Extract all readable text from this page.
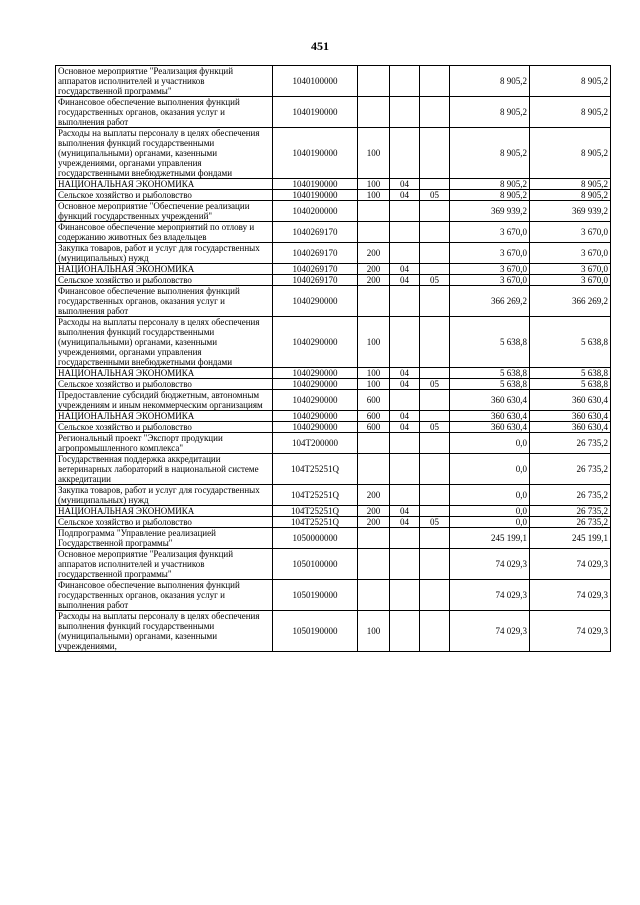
451
Основное мероприятие "Реализация функций аппаратов исполнителей и участников государственной программы"	1040100000				8 905,2	8 905,2
Финансовое обеспечение выполнения функций государственных органов, оказания услуг и выполнения работ	1040190000				8 905,2	8 905,2
Расходы на выплаты персоналу в целях обеспечения выполнения функций государственными (муниципальными) органами, казенными учреждениями, органами управления государственными внебюджетными фондами	1040190000	100			8 905,2	8 905,2
НАЦИОНАЛЬНАЯ ЭКОНОМИКА	1040190000	100	04		8 905,2	8 905,2
Сельское хозяйство и рыболовство	1040190000	100	04	05	8 905,2	8 905,2
Основное мероприятие "Обеспечение реализации функций государственных учреждений"	1040200000				369 939,2	369 939,2
Финансовое обеспечение мероприятий по отлову и содержанию животных без владельцев	1040269170				3 670,0	3 670,0
Закупка товаров, работ и услуг для государственных (муниципальных) нужд	1040269170	200			3 670,0	3 670,0
НАЦИОНАЛЬНАЯ ЭКОНОМИКА	1040269170	200	04		3 670,0	3 670,0
Сельское хозяйство и рыболовство	1040269170	200	04	05	3 670,0	3 670,0
Финансовое обеспечение выполнения функций государственных органов, оказания услуг и выполнения работ	1040290000				366 269,2	366 269,2
Расходы на выплаты персоналу в целях обеспечения выполнения функций государственными (муниципальными) органами, казенными учреждениями, органами управления государственными внебюджетными фондами	1040290000	100			5 638,8	5 638,8
НАЦИОНАЛЬНАЯ ЭКОНОМИКА	1040290000	100	04		5 638,8	5 638,8
Сельское хозяйство и рыболовство	1040290000	100	04	05	5 638,8	5 638,8
Предоставление субсидий бюджетным, автономным учреждениям и иным некоммерческим организациям	1040290000	600			360 630,4	360 630,4
НАЦИОНАЛЬНАЯ ЭКОНОМИКА	1040290000	600	04		360 630,4	360 630,4
Сельское хозяйство и рыболовство	1040290000	600	04	05	360 630,4	360 630,4
Региональный проект "Экспорт продукции агропромышленного комплекса"	104T200000				0,0	26 735,2
Государственная поддержка аккредитации ветеринарных лабораторий в национальной системе аккредитации	104T25251Q				0,0	26 735,2
Закупка товаров, работ и услуг для государственных (муниципальных) нужд	104T25251Q	200			0,0	26 735,2
НАЦИОНАЛЬНАЯ ЭКОНОМИКА	104T25251Q	200	04		0,0	26 735,2
Сельское хозяйство и рыболовство	104T25251Q	200	04	05	0,0	26 735,2
Подпрограмма "Управление реализацией Государственной программы"	1050000000				245 199,1	245 199,1
Основное мероприятие "Реализация функций аппаратов исполнителей и участников государственной программы"	1050100000				74 029,3	74 029,3
Финансовое обеспечение выполнения функций государственных органов, оказания услуг и выполнения работ	1050190000				74 029,3	74 029,3
Расходы на выплаты персоналу в целях обеспечения выполнения функций государственными (муниципальными) органами, казенными учреждениями,	1050190000	100			74 029,3	74 029,3
